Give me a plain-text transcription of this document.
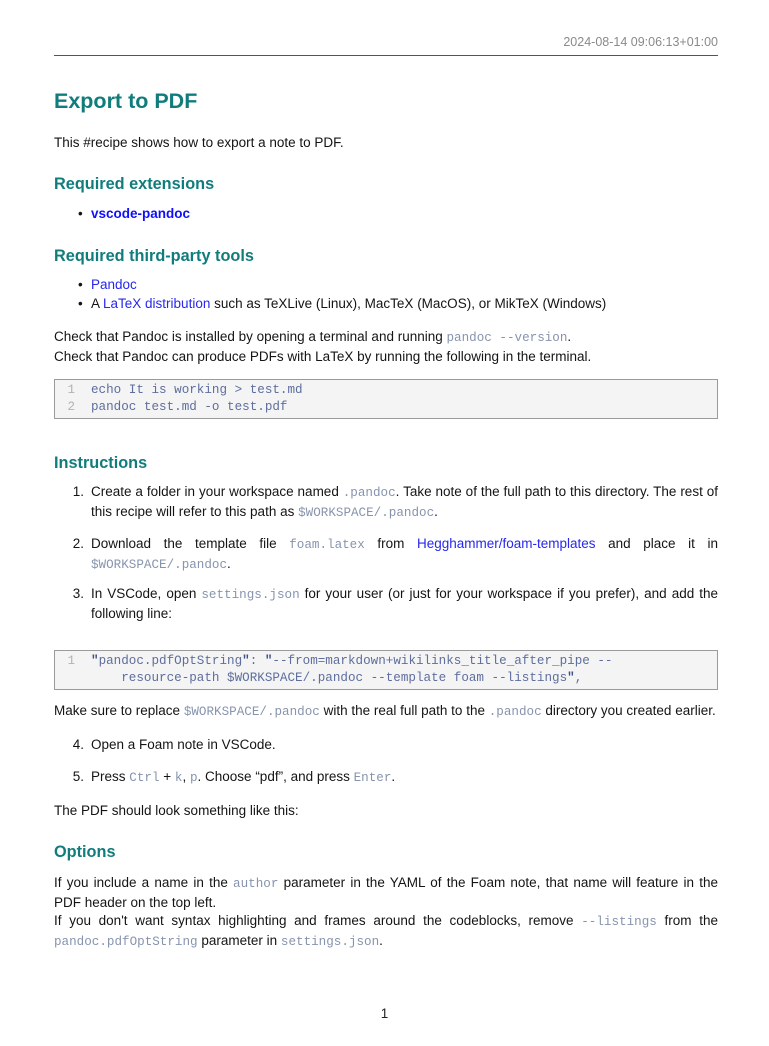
2024-08-14 09:06:13+01:00
Export to PDF

This #recipe shows how to export a note to PDF.

Required extensions
•
vscode-pandoc
Required third-party tools
•
Pandoc
•
A LaTeX distribution such as TeXLive (Linux), MacTeX (MacOS), or MikTeX (Windows)
Check that Pandoc is installed by opening a terminal and running pandoc --version.
Check that Pandoc can produce PDFs with LaTeX by running the following in the terminal.
1 echo It is working > test.md
2 pandoc test.md -o test.pdf
Instructions
1. Create a folder in your workspace named .pandoc. Take note of the full path to this directory. The rest of this recipe will refer to this path as $WORKSPACE/.pandoc.
2. Download the template file foam.latex from Hegghammer/foam-templates and place it in $WORKSPACE/.pandoc.
3. In VSCode, open settings.json for your user (or just for your workspace if you prefer), and add the following line:
1 "pandoc.pdfOptString": "--from=markdown+wikilinks_title_after_pipe --
resource-path $WORKSPACE/.pandoc --template foam --listings",

Make sure to replace $WORKSPACE/.pandoc with the real full path to the .pandoc directory you created earlier.

4. Open a Foam note in VSCode.
5. Press Ctrl + k, p. Choose “pdf”, and press Enter.

The PDF should look something like this:

Options
If you include a name in the author parameter in the YAML of the Foam note, that name will feature in the PDF header on the top left.
If you don't want syntax highlighting and frames around the codeblocks, remove --listings from the pandoc.pdfOptString parameter in settings.json.
1
